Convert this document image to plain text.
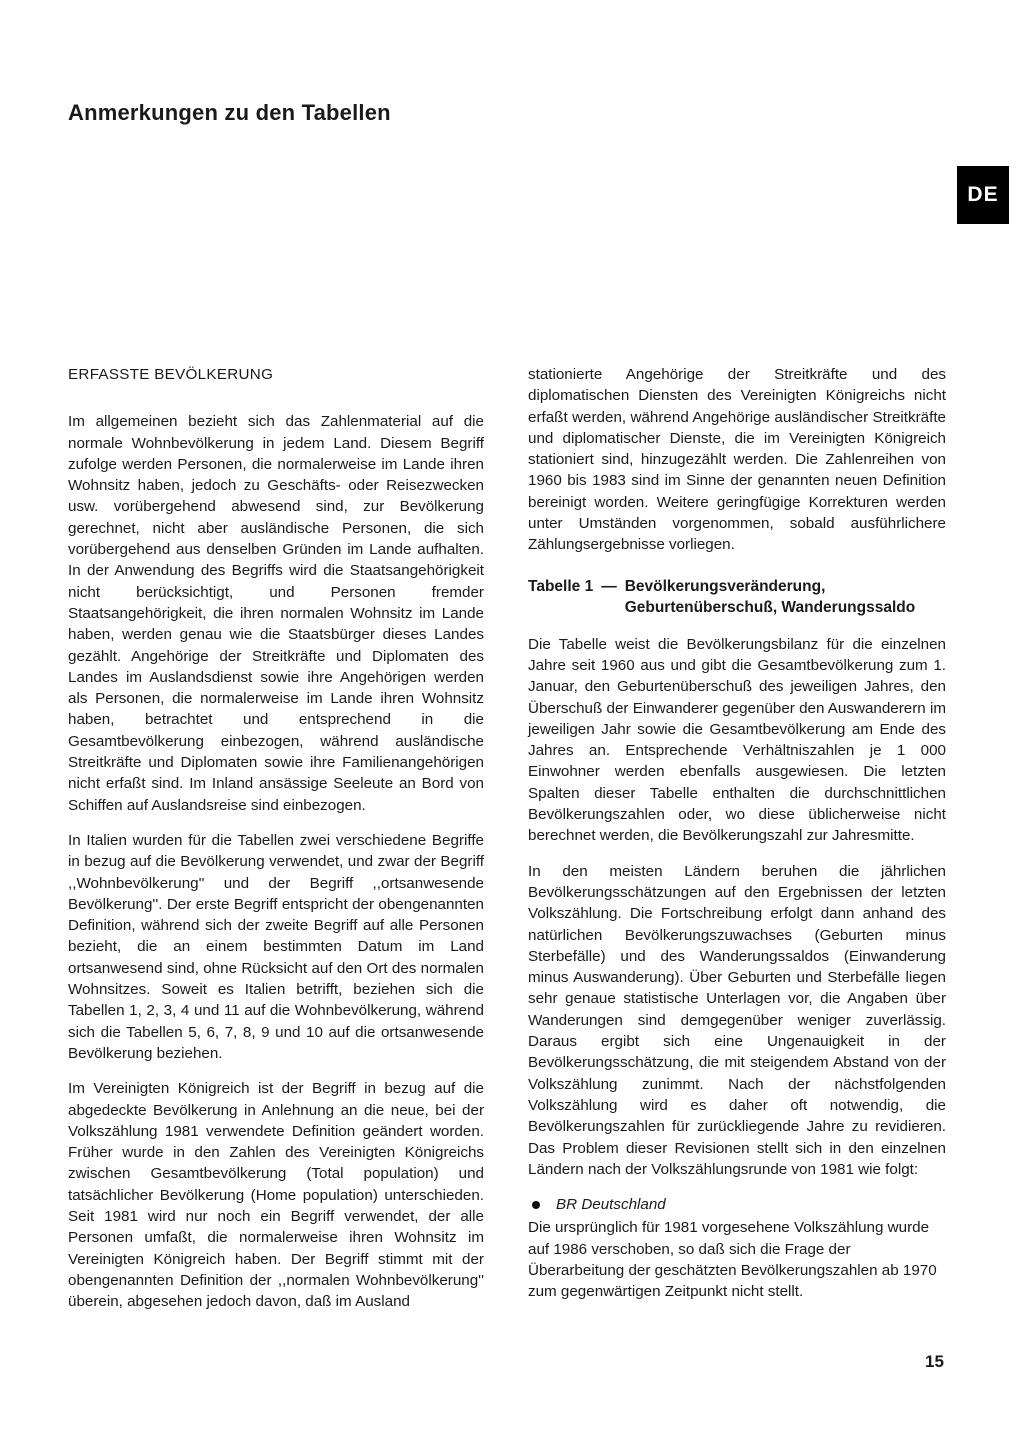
Anmerkungen zu den Tabellen
DE
ERFASSTE BEVÖLKERUNG

Im allgemeinen bezieht sich das Zahlenmaterial auf die normale Wohnbevölkerung in jedem Land. Diesem Begriff zufolge werden Personen, die normalerweise im Lande ihren Wohnsitz haben, jedoch zu Geschäfts- oder Reisezwecken usw. vorübergehend abwesend sind, zur Bevölkerung gerechnet, nicht aber ausländische Personen, die sich vorübergehend aus denselben Gründen im Lande aufhalten. In der Anwendung des Begriffs wird die Staatsangehörigkeit nicht berücksichtigt, und Personen fremder Staatsangehörigkeit, die ihren normalen Wohnsitz im Lande haben, werden genau wie die Staatsbürger dieses Landes gezählt. Angehörige der Streitkräfte und Diplomaten des Landes im Auslandsdienst sowie ihre Angehörigen werden als Personen, die normalerweise im Lande ihren Wohnsitz haben, betrachtet und entsprechend in die Gesamtbevölkerung einbezogen, während ausländische Streitkräfte und Diplomaten sowie ihre Familienangehörigen nicht erfaßt sind. Im Inland ansässige Seeleute an Bord von Schiffen auf Auslandsreise sind einbezogen.

In Italien wurden für die Tabellen zwei verschiedene Begriffe in bezug auf die Bevölkerung verwendet, und zwar der Begriff ,,Wohnbevölkerung'' und der Begriff ,,ortsanwesende Bevölkerung''. Der erste Begriff entspricht der obengenannten Definition, während sich der zweite Begriff auf alle Personen bezieht, die an einem bestimmten Datum im Land ortsanwesend sind, ohne Rücksicht auf den Ort des normalen Wohnsitzes. Soweit es Italien betrifft, beziehen sich die Tabellen 1, 2, 3, 4 und 11 auf die Wohnbevölkerung, während sich die Tabellen 5, 6, 7, 8, 9 und 10 auf die ortsanwesende Bevölkerung beziehen.

Im Vereinigten Königreich ist der Begriff in bezug auf die abgedeckte Bevölkerung in Anlehnung an die neue, bei der Volkszählung 1981 verwendete Definition geändert worden. Früher wurde in den Zahlen des Vereinigten Königreichs zwischen Gesamtbevölkerung (Total population) und tatsächlicher Bevölkerung (Home population) unterschieden. Seit 1981 wird nur noch ein Begriff verwendet, der alle Personen umfaßt, die normalerweise ihren Wohnsitz im Vereinigten Königreich haben. Der Begriff stimmt mit der obengenannten Definition der ,,normalen Wohnbevölkerung'' überein, abgesehen jedoch davon, daß im Ausland

stationierte Angehörige der Streitkräfte und des diplomatischen Diensten des Vereinigten Königreichs nicht erfaßt werden, während Angehörige ausländischer Streitkräfte und diplomatischer Dienste, die im Vereinigten Königreich stationiert sind, hinzugezählt werden. Die Zahlenreihen von 1960 bis 1983 sind im Sinne der genannten neuen Definition bereinigt worden. Weitere geringfügige Korrekturen werden unter Umständen vorgenommen, sobald ausführlichere Zählungsergebnisse vorliegen.

Tabelle 1 — Bevölkerungsveränderung, Geburtenüberschuß, Wanderungssaldo

Die Tabelle weist die Bevölkerungsbilanz für die einzelnen Jahre seit 1960 aus und gibt die Gesamtbevölkerung zum 1. Januar, den Geburtenüberschuß des jeweiligen Jahres, den Überschuß der Einwanderer gegenüber den Auswanderern im jeweiligen Jahr sowie die Gesamtbevölkerung am Ende des Jahres an. Entsprechende Verhältniszahlen je 1 000 Einwohner werden ebenfalls ausgewiesen. Die letzten Spalten dieser Tabelle enthalten die durchschnittlichen Bevölkerungszahlen oder, wo diese üblicherweise nicht berechnet werden, die Bevölkerungszahl zur Jahresmitte.

In den meisten Ländern beruhen die jährlichen Bevölkerungsschätzungen auf den Ergebnissen der letzten Volkszählung. Die Fortschreibung erfolgt dann anhand des natürlichen Bevölkerungszuwachses (Geburten minus Sterbefälle) und des Wanderungssaldos (Einwanderung minus Auswanderung). Über Geburten und Sterbefälle liegen sehr genaue statistische Unterlagen vor, die Angaben über Wanderungen sind demgegenüber weniger zuverlässig. Daraus ergibt sich eine Ungenauigkeit in der Bevölkerungsschätzung, die mit steigendem Abstand von der Volkszählung zunimmt. Nach der nächstfolgenden Volkszählung wird es daher oft notwendig, die Bevölkerungszahlen für zurückliegende Jahre zu revidieren. Das Problem dieser Revisionen stellt sich in den einzelnen Ländern nach der Volkszählungsrunde von 1981 wie folgt:

BR Deutschland

Die ursprünglich für 1981 vorgesehene Volkszählung wurde auf 1986 verschoben, so daß sich die Frage der Überarbeitung der geschätzten Bevölkerungszahlen ab 1970 zum gegenwärtigen Zeitpunkt nicht stellt.

15
